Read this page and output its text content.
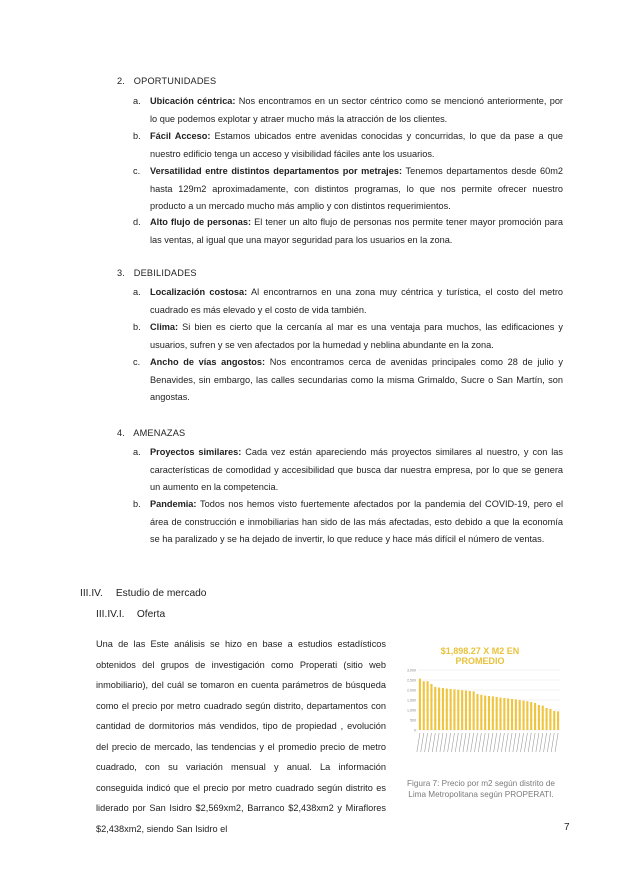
2. OPORTUNIDADES
a. Ubicación céntrica: Nos encontramos en un sector céntrico como se mencionó anteriormente, por lo que podemos explotar y atraer mucho más la atracción de los clientes.
b. Fácil Acceso: Estamos ubicados entre avenidas conocidas y concurridas, lo que da pase a que nuestro edificio tenga un acceso y visibilidad fáciles ante los usuarios.
c. Versatilidad entre distintos departamentos por metrajes: Tenemos departamentos desde 60m2 hasta 129m2 aproximadamente, con distintos programas, lo que nos permite ofrecer nuestro producto a un mercado mucho más amplio y con distintos requerimientos.
d. Alto flujo de personas: El tener un alto flujo de personas nos permite tener mayor promoción para las ventas, al igual que una mayor seguridad para los usuarios en la zona.
3. DEBILIDADES
a. Localización costosa: Al encontrarnos en una zona muy céntrica y turística, el costo del metro cuadrado es más elevado y el costo de vida también.
b. Clima: Si bien es cierto que la cercanía al mar es una ventaja para muchos, las edificaciones y usuarios, sufren y se ven afectados por la humedad y neblina abundante en la zona.
c. Ancho de vías angostos: Nos encontramos cerca de avenidas principales como 28 de julio y Benavides, sin embargo, las calles secundarias como la misma Grimaldo, Sucre o San Martín, son angostas.
4. AMENAZAS
a. Proyectos similares: Cada vez están apareciendo más proyectos similares al nuestro, y con las características de comodidad y accesibilidad que busca dar nuestra empresa, por lo que se genera un aumento en la competencia.
b. Pandemia: Todos nos hemos visto fuertemente afectados por la pandemia del COVID-19, pero el área de construcción e inmobiliarias han sido de las más afectadas, esto debido a que la economía se ha paralizado y se ha dejado de invertir, lo que reduce y hace más difícil el número de ventas.
III.IV. Estudio de mercado
III.IV.I. Oferta
Una de las Este análisis se hizo en base a estudios estadísticos obtenidos del grupos de investigación como Properati (sitio web inmobiliario), del cuál se tomaron en cuenta parámetros de búsqueda como el precio por metro cuadrado según distrito, departamentos con cantidad de dormitorios más vendidos, tipo de propiedad , evolución del precio de mercado, las tendencias y el promedio precio de metro cuadrado, con su variación mensual y anual. La información conseguida indicó que el precio por metro cuadrado según distrito es liderado por San Isidro $2,569xm2, Barranco $2,438xm2 y Miraflores $2,438xm2, siendo San Isidro el
$1,898.27 X M2 EN
PROMEDIO
3,000
2,500
2,000
1,500
1,000
500
0
Figura 7: Precio por m2 según distrito de
Lima Metropolitana según PROPERATI.
7
